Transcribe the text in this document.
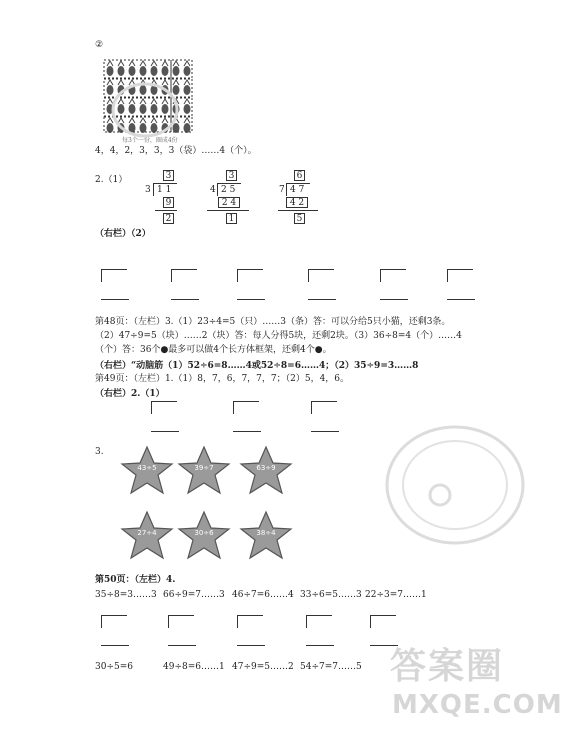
②
每3个一份，圈成4份
4，4，2，3，3，3（袋）……4（个）。
2.（1）	3
3 1 1
9
2
3
4 2 5
2 4
1
6
7 4 7
4 2
5
（右栏）（2）
第48页：（左栏）3.（1）23÷4=5（只）……3（条）答：可以分给5只小猫，还剩3条。
（2）47÷9=5（块）……2（块）答：每人分得5块，还剩2块。（3）36÷8=4（个）……4
（个）答：36个●最多可以做4个长方体框架，还剩4个●。
（右栏）“动脑筋（1）52÷6=8……4或52÷8=6……4；（2）35÷9=3……8
第49页：（左栏）1.（1）8，7，6，7，7，7；（2）5，4，6。
（右栏）2.（1）
3.
43÷5	39÷7	63÷9
27÷4	30÷6	38÷4
第50页：（左栏）4.
35÷8=3……3 66÷9=7……3 46÷7=6……4 33÷6=5……3 22÷3=7……1
30÷5=6	49÷8=6……1 47÷9=5……2 54÷7=7……5 答案圈
MXQE.COM
